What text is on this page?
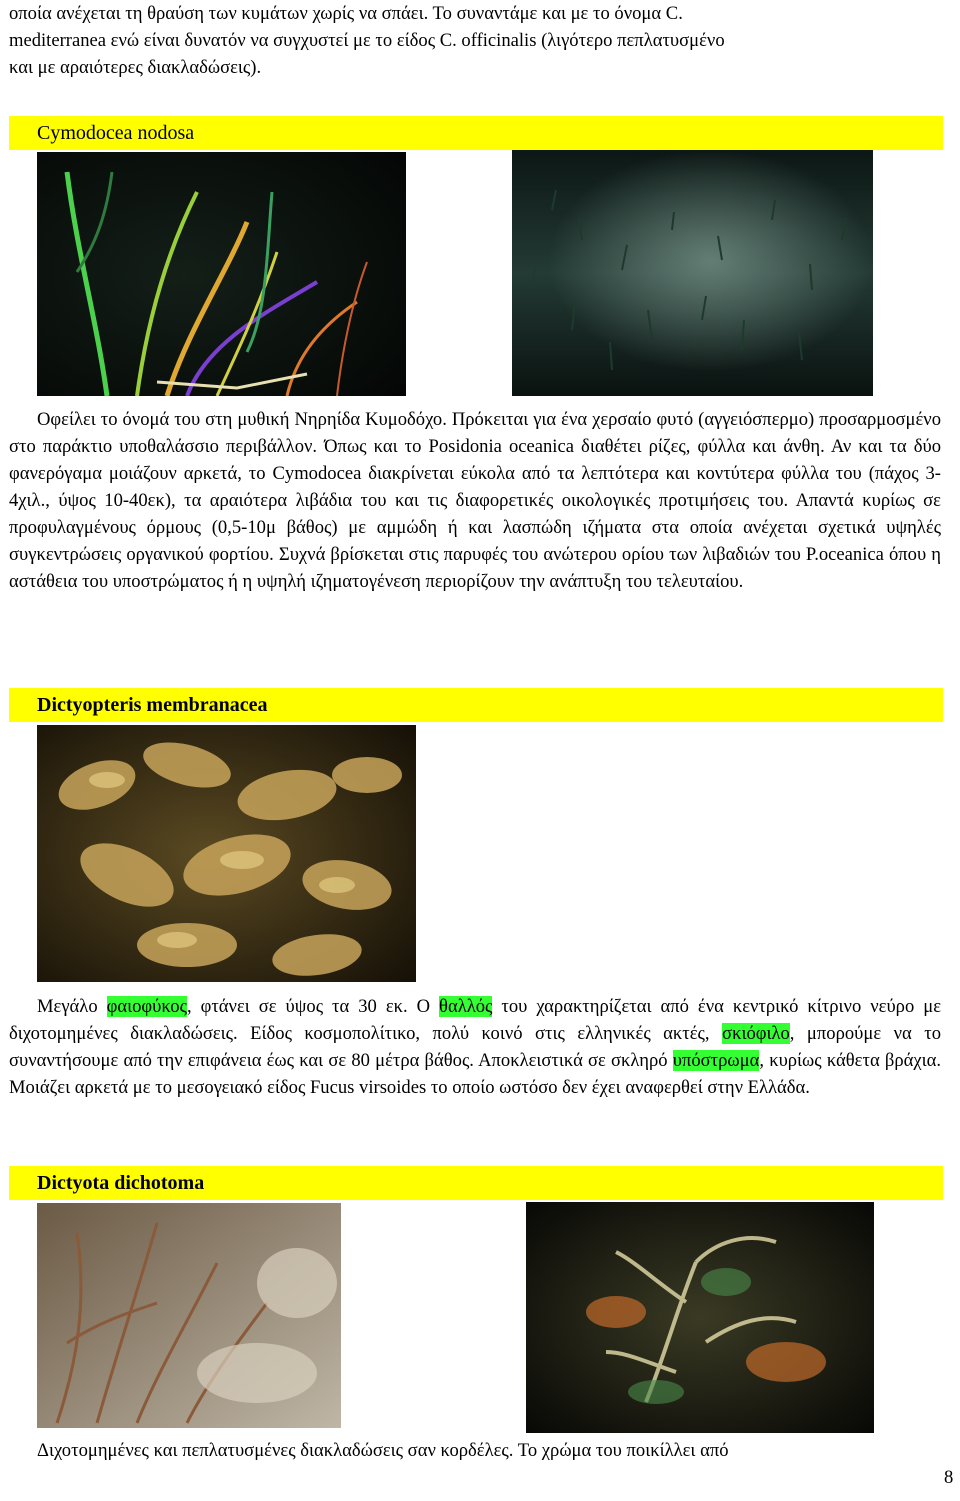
οποία ανέχεται τη θραύση των κυμάτων χωρίς να σπάει. Το συναντάμε και με το όνομα C.
mediterranea ενώ είναι δυνατόν να συγχυστεί με το είδος C. officinalis (λιγότερο πεπλατυσμένο
και με αραιότερες διακλαδώσεις).

Cymodocea nodosa

Οφείλει το όνομά του στη μυθική Νηρηίδα Κυμοδόχο. Πρόκειται για ένα χερσαίο φυτό (αγγειόσπερμο) προσαρμοσμένο στο παράκτιο υποθαλάσσιο περιβάλλον. Όπως και το Posidonia oceanica διαθέτει ρίζες, φύλλα και άνθη. Αν και τα δύο φανερόγαμα μοιάζουν αρκετά, το Cymodocea διακρίνεται εύκολα από τα λεπτότερα και κοντύτερα φύλλα του (πάχος 3-4χιλ., ύψος 10-40εκ), τα αραιότερα λιβάδια του και τις διαφορετικές οικολογικές προτιμήσεις του. Απαντά κυρίως σε προφυλαγμένους όρμους (0,5-10μ βάθος) με αμμώδη ή και λασπώδη ιζήματα στα οποία ανέχεται σχετικά υψηλές συγκεντρώσεις οργανικού φορτίου. Συχνά βρίσκεται στις παρυφές του ανώτερου ορίου των λιβαδιών του P.oceanica όπου η αστάθεια του υποστρώματος ή η υψηλή ιζηματογένεση περιορίζουν την ανάπτυξη του τελευταίου.

Dictyopteris membranacea

Μεγάλο φαιοφύκος, φτάνει σε ύψος τα 30 εκ. Ο θαλλός του χαρακτηρίζεται από ένα κεντρικό κίτρινο νεύρο με διχοτομημένες διακλαδώσεις. Είδος κοσμοπολίτικο, πολύ κοινό στις ελληνικές ακτές, σκιόφιλο, μπορούμε να το συναντήσουμε από την επιφάνεια έως και σε 80 μέτρα βάθος. Αποκλειστικά σε σκληρό υπόστρωμα, κυρίως κάθετα βράχια. Μοιάζει αρκετά με το μεσογειακό είδος Fucus virsoides το οποίο ωστόσο δεν έχει αναφερθεί στην Ελλάδα.

Dictyota dichotoma

Διχοτομημένες και πεπλατυσμένες διακλαδώσεις σαν κορδέλες. Το χρώμα του ποικίλλει από

8
